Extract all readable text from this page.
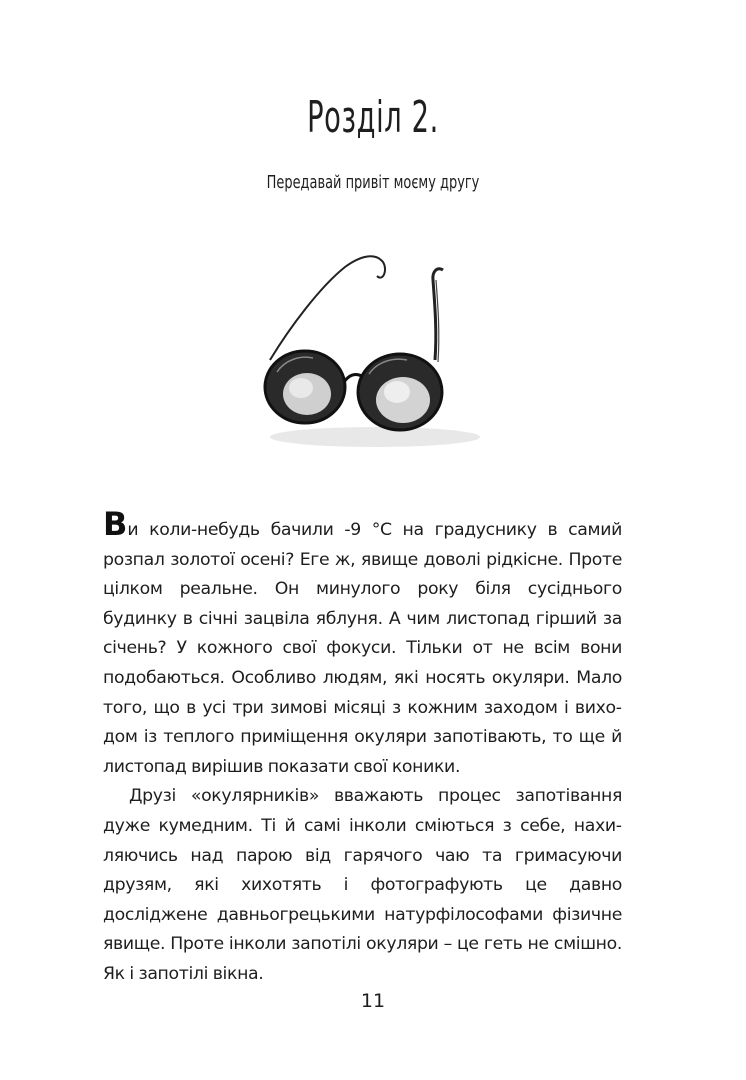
Розділ 2.
Передавай привіт моєму другу

Ви коли-небудь бачили -9 °C на градуснику в самий розпал золотої осені? Еге ж, явище доволі рідкісне. Проте цілком реальне. Он минулого року біля сусіднього будинку в січні зацвіла яблуня. А чим листопад гірший за січень? У кожного свої фокуси. Тільки от не всім вони подобаються. Особливо людям, які носять окуляри. Мало того, що в усі три зимові місяці з кожним заходом і виходом із теплого приміщення окуляри запотівають, то ще й листопад вирішив показати свої коники.

Друзі «окулярників» вважають процес запотівання дуже кумедним. Ті й самі інколи сміються з себе, нахиляючись над парою від гарячого чаю та гримасуючи друзям, які хихотять і фотографують це давно досліджене давньогрецькими натурфілософами фізичне явище. Проте інколи запотілі окуляри – це геть не смішно. Як і запотілі вікна.

11
